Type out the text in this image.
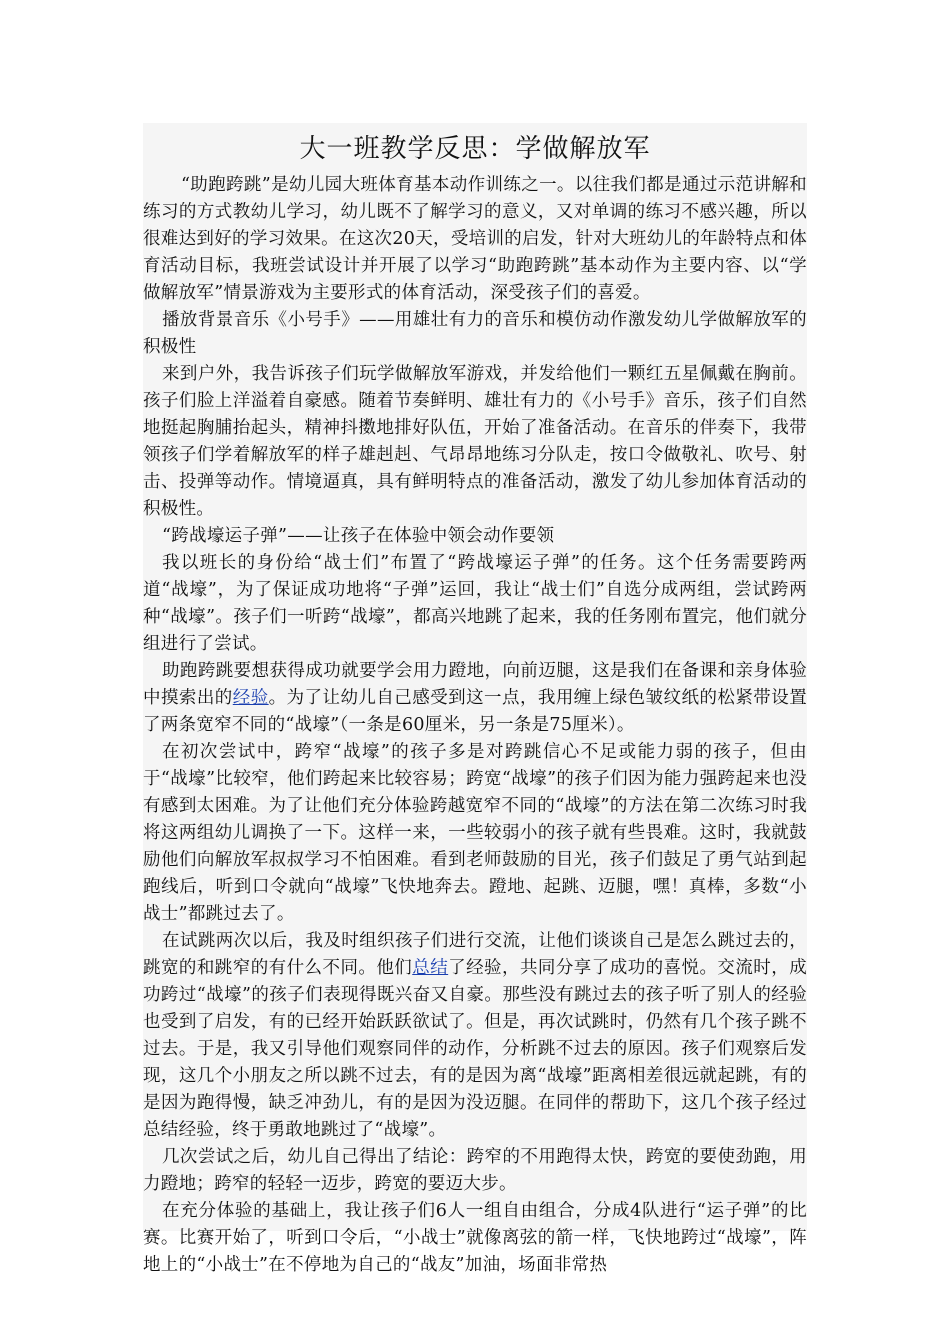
大一班教学反思：学做解放军

“助跑跨跳”是幼儿园大班体育基本动作训练之一。以往我们都是通过示范讲解和练习的方式教幼儿学习，幼儿既不了解学习的意义，又对单调的练习不感兴趣，所以很难达到好的学习效果。在这次20天，受培训的启发，针对大班幼儿的年龄特点和体育活动目标，我班尝试设计并开展了以学习“助跑跨跳”基本动作为主要内容、以“学做解放军”情景游戏为主要形式的体育活动，深受孩子们的喜爱。

播放背景音乐《小号手》——用雄壮有力的音乐和模仿动作激发幼儿学做解放军的积极性

来到户外，我告诉孩子们玩学做解放军游戏，并发给他们一颗红五星佩戴在胸前。孩子们脸上洋溢着自豪感。随着节奏鲜明、雄壮有力的《小号手》音乐，孩子们自然地挺起胸脯抬起头，精神抖擞地排好队伍，开始了准备活动。在音乐的伴奏下，我带领孩子们学着解放军的样子雄赳赳、气昂昂地练习分队走，按口令做敬礼、吹号、射击、投弹等动作。情境逼真，具有鲜明特点的准备活动，激发了幼儿参加体育活动的积极性。

“跨战壕运子弹”——让孩子在体验中领会动作要领

我以班长的身份给“战士们”布置了“跨战壕运子弹”的任务。这个任务需要跨两道“战壕”，为了保证成功地将“子弹”运回，我让“战士们”自选分成两组，尝试跨两种“战壕”。孩子们一听跨“战壕”，都高兴地跳了起来，我的任务刚布置完，他们就分组进行了尝试。

助跑跨跳要想获得成功就要学会用力蹬地，向前迈腿，这是我们在备课和亲身体验中摸索出的经验。为了让幼儿自己感受到这一点，我用缠上绿色皱纹纸的松紧带设置了两条宽窄不同的“战壕”（一条是60厘米，另一条是75厘米）。

在初次尝试中，跨窄“战壕”的孩子多是对跨跳信心不足或能力弱的孩子，但由于“战壕”比较窄，他们跨起来比较容易；跨宽“战壕”的孩子们因为能力强跨起来也没有感到太困难。为了让他们充分体验跨越宽窄不同的“战壕”的方法在第二次练习时我将这两组幼儿调换了一下。这样一来，一些较弱小的孩子就有些畏难。这时，我就鼓励他们向解放军叔叔学习不怕困难。看到老师鼓励的目光，孩子们鼓足了勇气站到起跑线后，听到口令就向“战壕”飞快地奔去。蹬地、起跳、迈腿，嘿！真棒，多数“小战士”都跳过去了。

在试跳两次以后，我及时组织孩子们进行交流，让他们谈谈自己是怎么跳过去的，跳宽的和跳窄的有什么不同。他们总结了经验，共同分享了成功的喜悦。交流时，成功跨过“战壕”的孩子们表现得既兴奋又自豪。那些没有跳过去的孩子听了别人的经验也受到了启发，有的已经开始跃跃欲试了。但是，再次试跳时，仍然有几个孩子跳不过去。于是，我又引导他们观察同伴的动作，分析跳不过去的原因。孩子们观察后发现，这几个小朋友之所以跳不过去，有的是因为离“战壕”距离相差很远就起跳，有的是因为跑得慢，缺乏冲劲儿，有的是因为没迈腿。在同伴的帮助下，这几个孩子经过总结经验，终于勇敢地跳过了“战壕”。

几次尝试之后，幼儿自己得出了结论：跨窄的不用跑得太快，跨宽的要使劲跑，用力蹬地；跨窄的轻轻一迈步，跨宽的要迈大步。

在充分体验的基础上，我让孩子们6人一组自由组合，分成4队进行“运子弹”的比赛。比赛开始了，听到口令后，“小战士”就像离弦的箭一样，飞快地跨过“战壕”，阵地上的“小战士”在不停地为自己的“战友”加油，场面非常热
